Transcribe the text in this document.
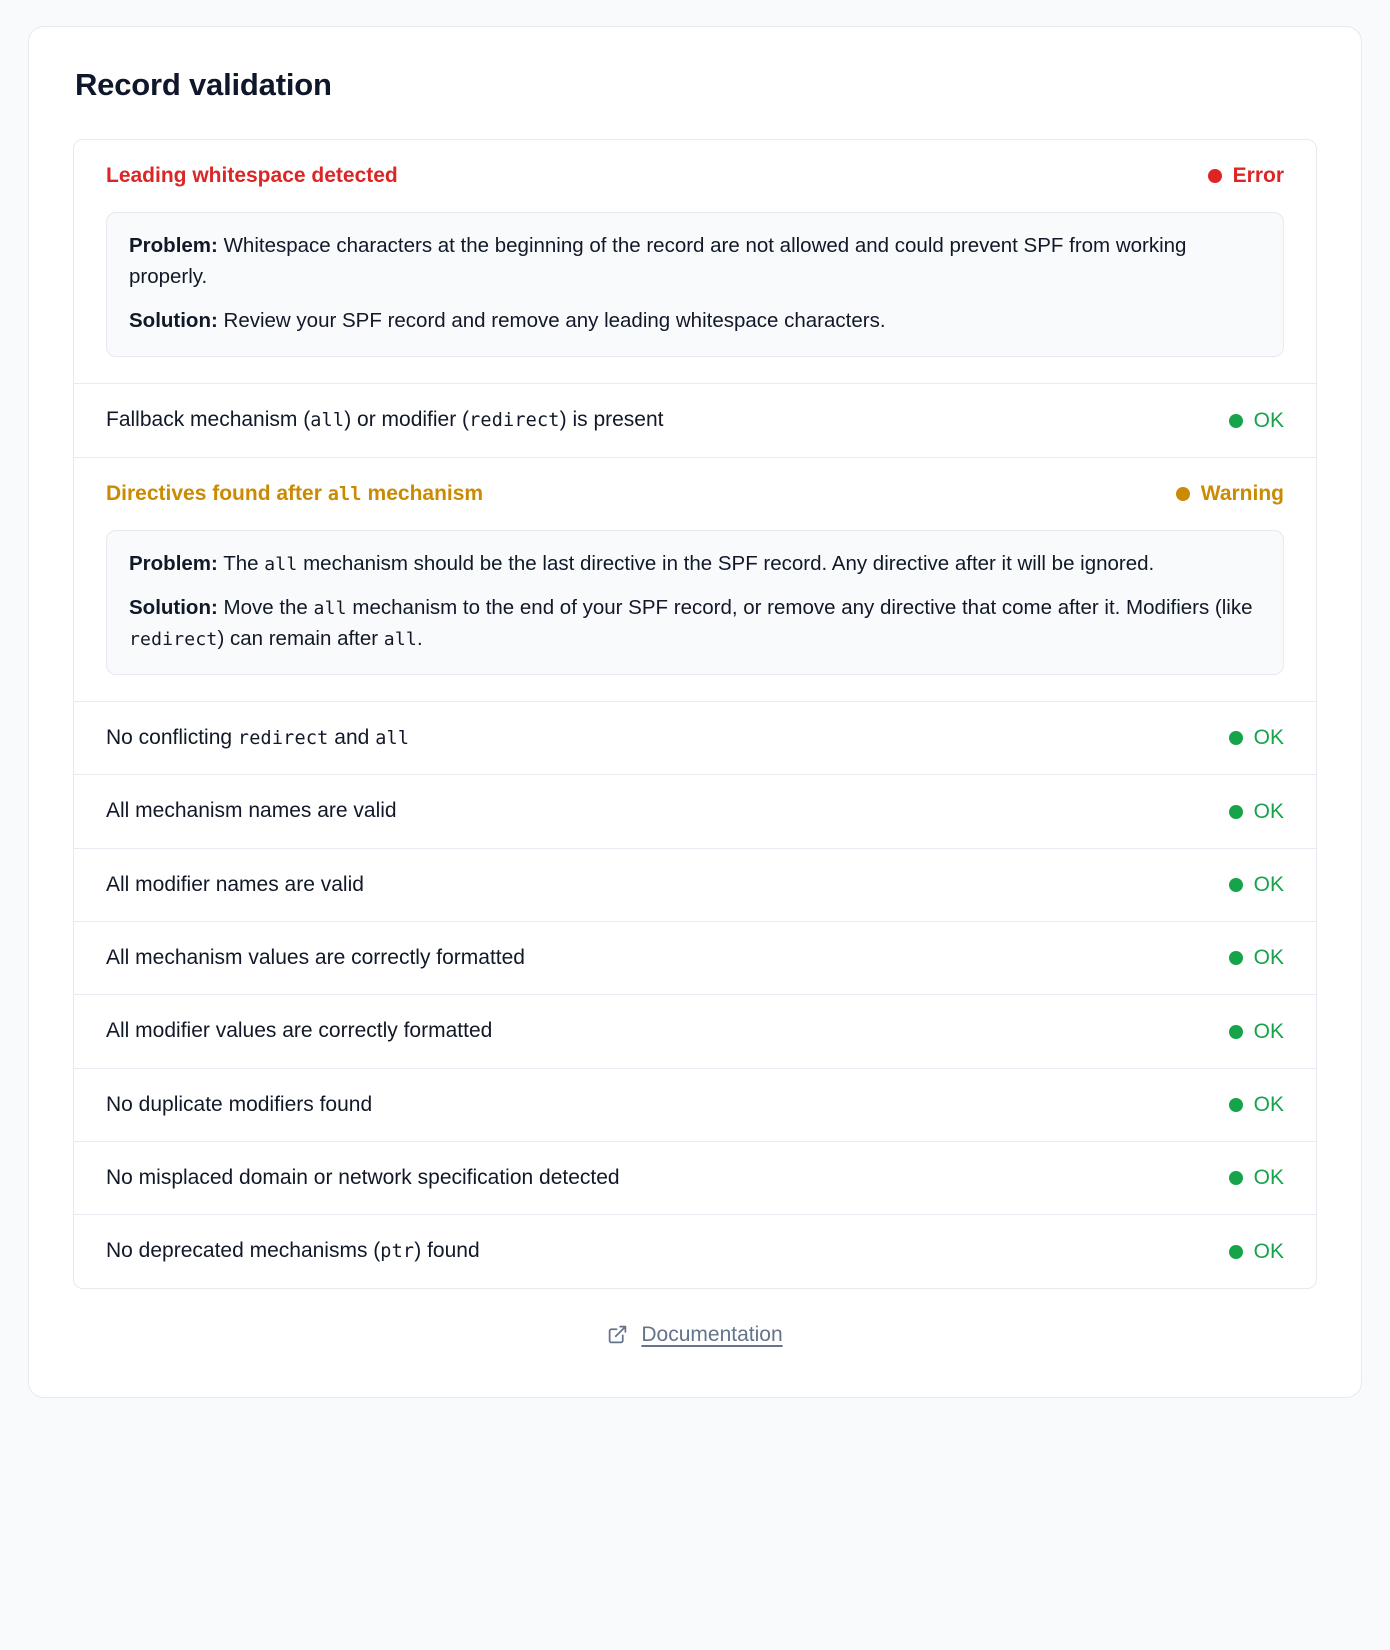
Record validation
Leading whitespace detected	Error

Problem: Whitespace characters at the beginning of the record are not allowed and could prevent SPF from working properly.

Solution: Review your SPF record and remove any leading whitespace characters.

Fallback mechanism (all) or modifier (redirect) is present	OK
Directives found after all mechanism	Warning

Problem: The all mechanism should be the last directive in the SPF record. Any directive after it will be ignored.

Solution: Move the all mechanism to the end of your SPF record, or remove any directive that come after it. Modifiers (like redirect) can remain after all.

No conflicting redirect and all	OK
All mechanism names are valid	OK
All modifier names are valid	OK
All mechanism values are correctly formatted	OK
All modifier values are correctly formatted	OK
No duplicate modifiers found	OK
No misplaced domain or network specification detected	OK
No deprecated mechanisms (ptr) found	OK
Documentation
